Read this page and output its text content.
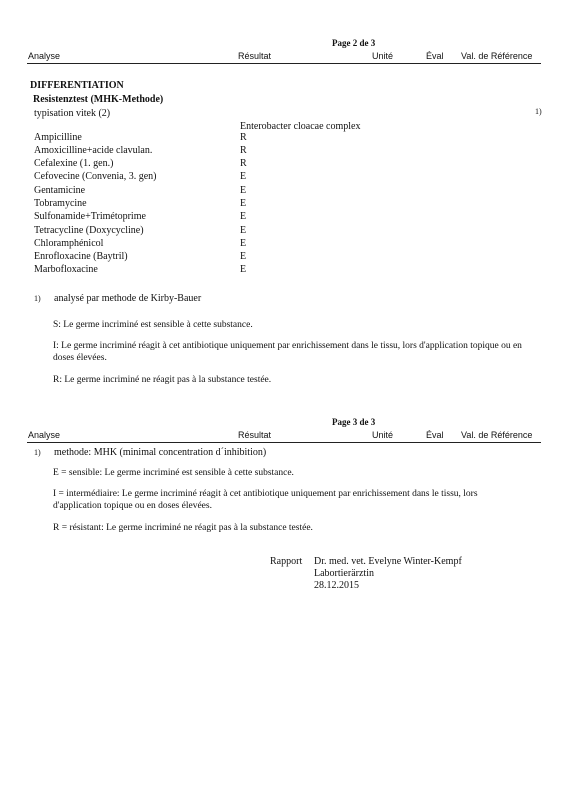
Page 2 de 3
Analyse	Résultat	Unité	Éval Val. de Référence
DIFFERENTIATION
Resistenztest (MHK-Methode)
typisation vitek (2)	1)
Enterobacter cloacae complex
Ampicilline	R
Amoxicilline+acide clavulan.	R
Cefalexine (1. gen.)	R
Cefovecine (Convenia, 3. gen)	E
Gentamicine	E
Tobramycine	E
Sulfonamide+Trimétoprime	E
Tetracycline (Doxycycline)	E
Chloramphénicol	E
Enrofloxacine (Baytril)	E
Marbofloxacine	E
1) analysé par methode de Kirby-Bauer
S: Le germe incriminé est sensible à cette substance.
I: Le germe incriminé réagit à cet antibiotique uniquement par enrichissement dans le tissu, lors d'application topique ou en doses élevées.
R: Le germe incriminé ne réagit pas à la substance testée.
Page 3 de 3
Analyse	Résultat	Unité	Éval Val. de Référence
1) methode: MHK (minimal concentration d´inhibition)
E = sensible: Le germe incriminé est sensible à cette substance.
I = intermédiaire: Le germe incriminé réagit à cet antibiotique uniquement par enrichissement dans le tissu, lors d'application topique ou en doses élevées.
R = résistant: Le germe incriminé ne réagit pas à la substance testée.
Rapport Dr. med. vet. Evelyne Winter-Kempf
Labortierärztin
28.12.2015
